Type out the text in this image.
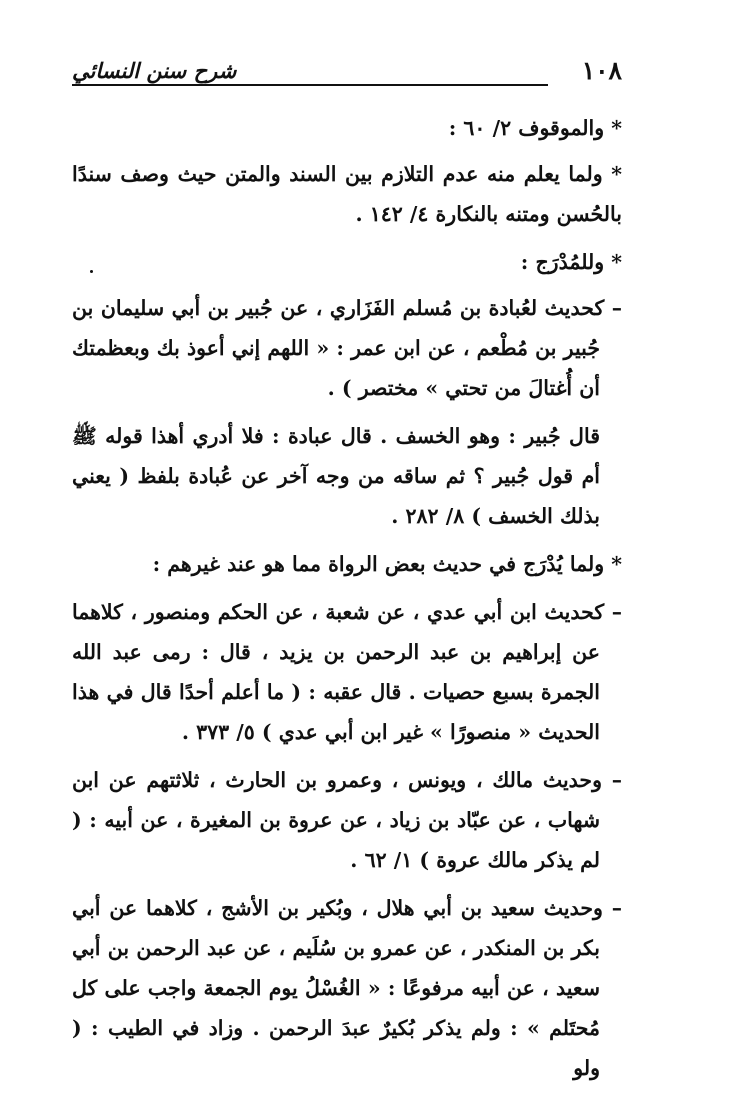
شرح سنن النسائي	١٠٨

* والموقوف ٢/ ٦٠ :

* ولما يعلم منه عدم التلازم بين السند والمتن حيث وصف سندًا بالحُسن ومتنه بالنكارة ٤/ ١٤٢ .

* وللمُدْرَج :

– كحديث لعُبادة بن مُسلم الفَزَاري ، عن جُبير بن أبي سليمان بن جُبير بن مُطْعم ، عن ابن عمر : « اللهم إني أعوذ بك وبعظمتك أن أُغتالَ من تحتي » مختصر ) .

قال جُبير : وهو الخسف . قال عبادة : فلا أدري أهذا قوله ﷺ أم قول جُبير ؟ ثم ساقه من وجه آخر عن عُبادة بلفظ ( يعني بذلك الخسف ) ٨/ ٢٨٢ .

* ولما يُدْرَج في حديث بعض الرواة مما هو عند غيرهم :

– كحديث ابن أبي عدي ، عن شعبة ، عن الحكم ومنصور ، كلاهما عن إبراهيم بن عبد الرحمن بن يزيد ، قال : رمى عبد الله الجمرة بسبع حصيات . قال عقبه : ( ما أعلم أحدًا قال في هذا الحديث « منصورًا » غير ابن أبي عدي ) ٥/ ٣٧٣ .

– وحديث مالك ، ويونس ، وعمرو بن الحارث ، ثلاثتهم عن ابن شهاب ، عن عبّاد بن زياد ، عن عروة بن المغيرة ، عن أبيه : ( لم يذكر مالك عروة ) ١/ ٦٢ .

– وحديث سعيد بن أبي هلال ، وبُكير بن الأشج ، كلاهما عن أبي بكر بن المنكدر ، عن عمرو بن سُلَيم ، عن عبد الرحمن بن أبي سعيد ، عن أبيه مرفوعًا : « الغُسْلُ يوم الجمعة واجب على كل مُحتَلم » : ولم يذكر بُكيرٌ عبدَ الرحمن . وزاد في الطيب : ( ولو
